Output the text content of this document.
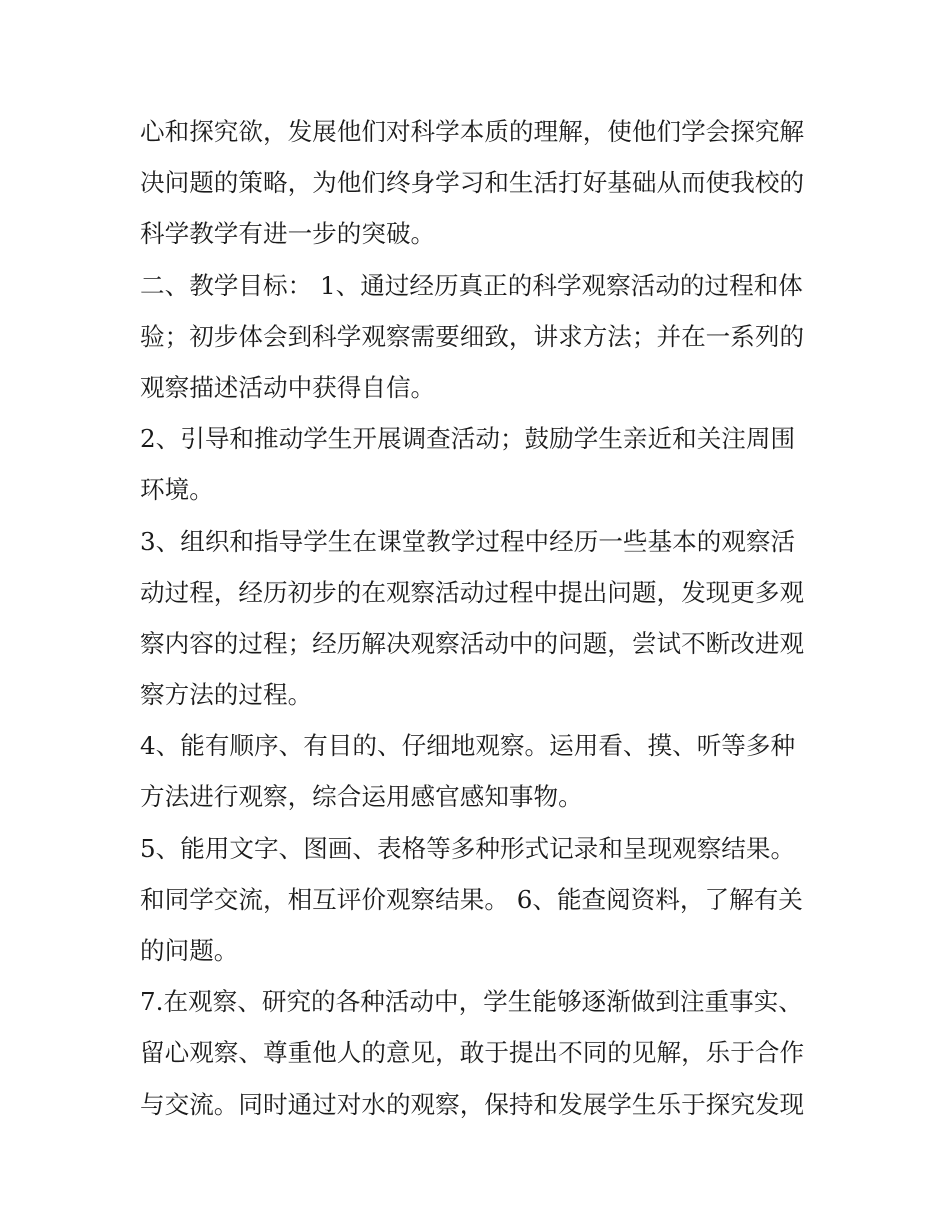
心和探究欲，发展他们对科学本质的理解，使他们学会探究解
决问题的策略，为他们终身学习和生活打好基础从而使我校的
科学教学有进一步的突破。
二、教学目标： 1、通过经历真正的科学观察活动的过程和体
验；初步体会到科学观察需要细致，讲求方法；并在一系列的
观察描述活动中获得自信。
2、引导和推动学生开展调查活动；鼓励学生亲近和关注周围
环境。
3、组织和指导学生在课堂教学过程中经历一些基本的观察活
动过程，经历初步的在观察活动过程中提出问题，发现更多观
察内容的过程；经历解决观察活动中的问题，尝试不断改进观
察方法的过程。
4、能有顺序、有目的、仔细地观察。运用看、摸、听等多种
方法进行观察，综合运用感官感知事物。
5、能用文字、图画、表格等多种形式记录和呈现观察结果。
和同学交流，相互评价观察结果。 6、能查阅资料，了解有关
的问题。
7.在观察、研究的各种活动中，学生能够逐渐做到注重事实、
留心观察、尊重他人的意见，敢于提出不同的见解，乐于合作
与交流。同时通过对水的观察，保持和发展学生乐于探究发现
